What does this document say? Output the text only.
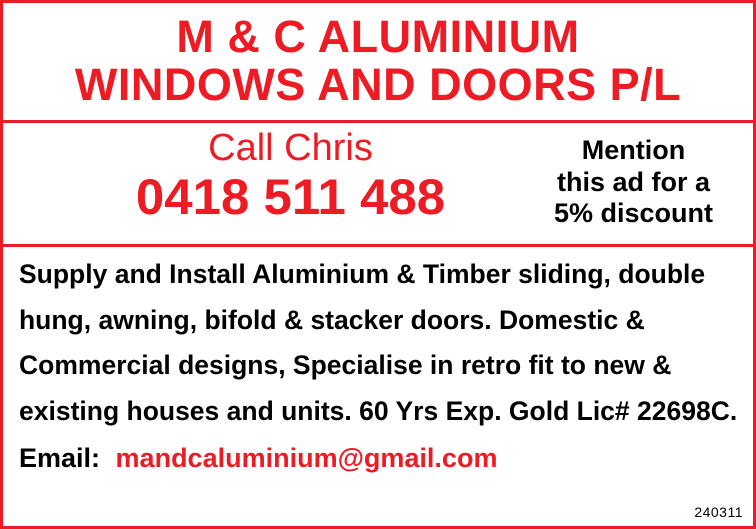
M & C ALUMINIUM
WINDOWS AND DOORS P/L
Call Chris
0418 511 488
Mention
this ad for a
5% discount
Supply and Install Aluminium & Timber sliding, double
hung, awning, bifold & stacker doors. Domestic &
Commercial designs, Specialise in retro fit to new &
existing houses and units. 60 Yrs Exp. Gold Lic# 22698C.
Email: mandcaluminium@gmail.com
240311
